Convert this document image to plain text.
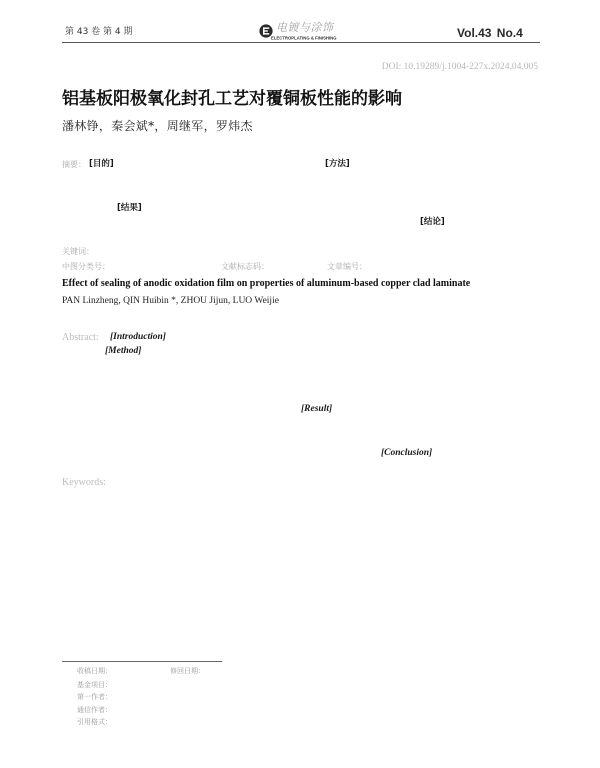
第 43 卷 第 4 期	电镀与涂饰
ELECTROPLATING & FINISHING	Vol.43 No.4
DOI: 10.19289/j.1004-227x.2024.04.005
铝基板阳极氧化封孔工艺对覆铜板性能的影响
潘林铮，秦会斌*，周继军，罗炜杰
摘要： [目的]	[方法]
[结果]
[结论]
关键词：
中图分类号：	文献标志码：	文章编号：
Effect of sealing of anodic oxidation film on properties of aluminum-based copper clad laminate
PAN Linzheng, QIN Huibin *, ZHOU Jijun, LUO Weijie
Abstract: [Introduction]
[Method]
[Result]
[Conclusion]
Keywords:
收稿日期：	修回日期：
基金项目：
第一作者：
通信作者：
引用格式：
